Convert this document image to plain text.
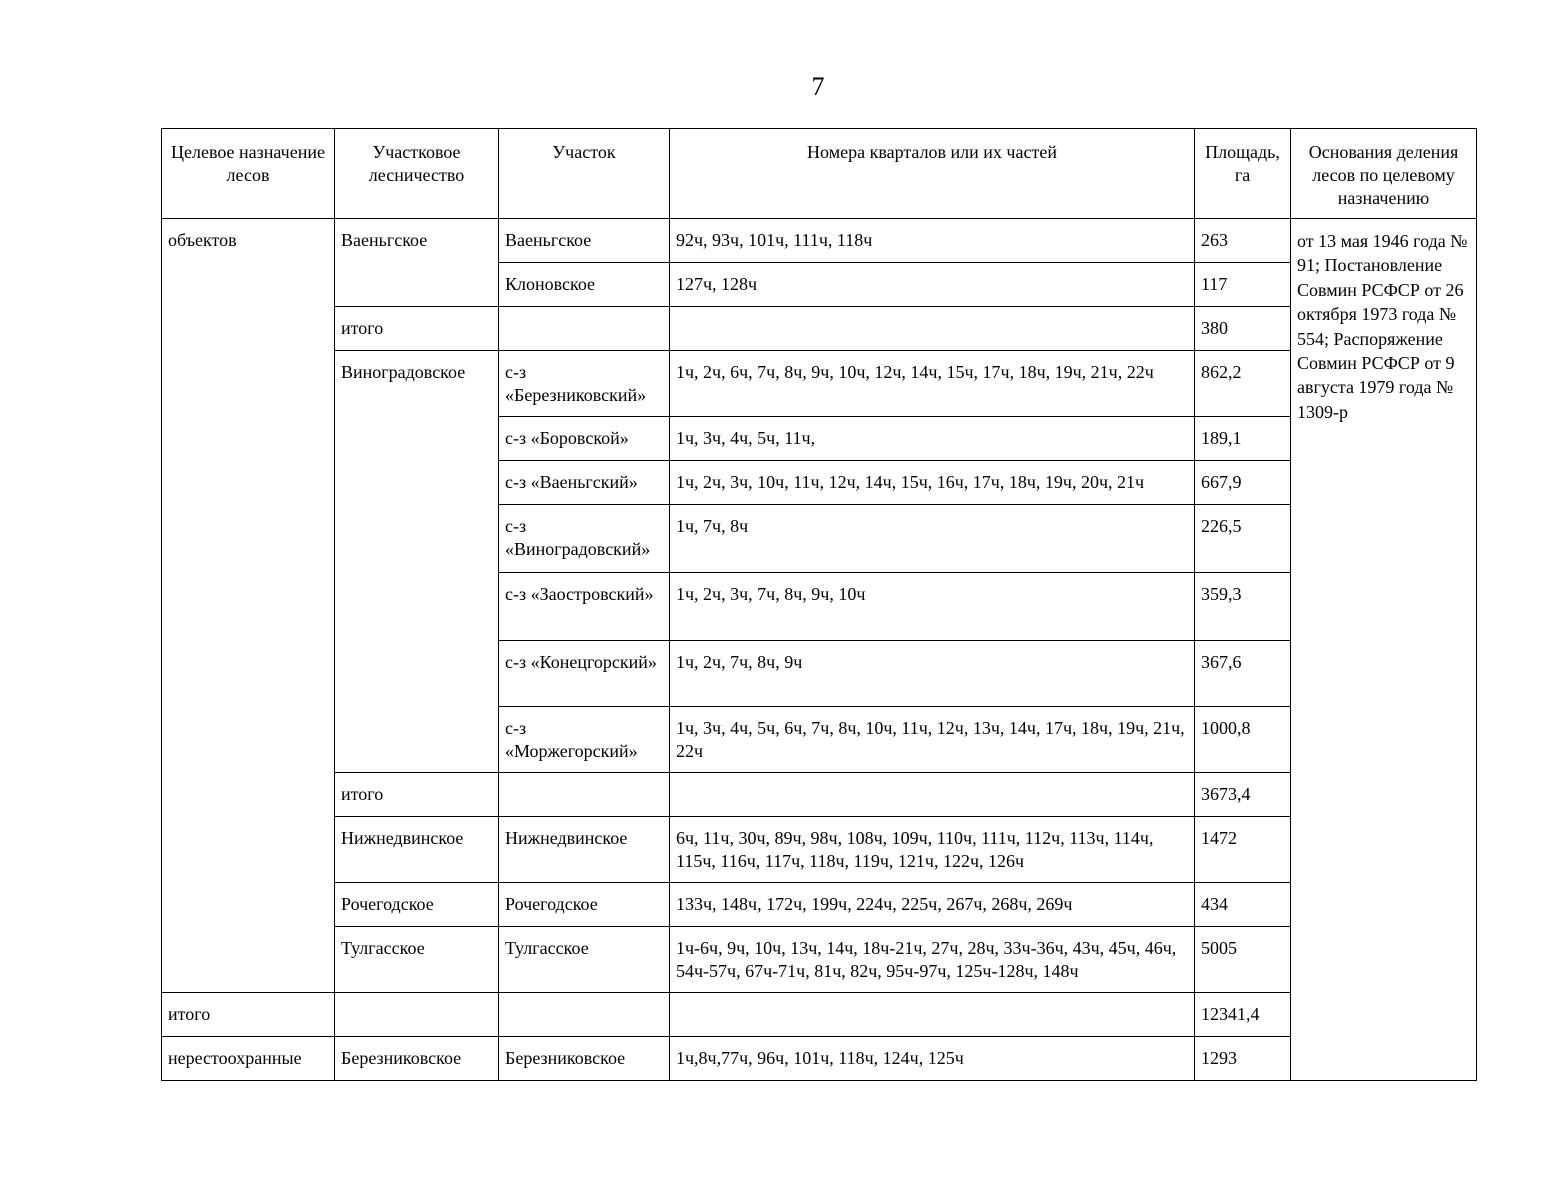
7
Целевое назначение лесов	Участковое лесничество	Участок	Номера кварталов или их частей	Площадь, га	Основания деления лесов по целевому назначению
объектов	Ваеньгское	Ваеньгское	92ч, 93ч, 101ч, 111ч, 118ч	263	от 13 мая 1946 года № 91; Постановление Совмин РСФСР от 26 октября 1973 года № 554; Распоряжение Совмин РСФСР от 9 августа 1979 года № 1309-р
		Клоновское	127ч, 128ч	117	
	итого			380	
	Виноградовское	с-з «Березниковский»	1ч, 2ч, 6ч, 7ч, 8ч, 9ч, 10ч, 12ч, 14ч, 15ч, 17ч, 18ч, 19ч, 21ч, 22ч	862,2	
		с-з «Боровской»	1ч, 3ч, 4ч, 5ч, 11ч,	189,1	
		с-з «Ваеньгский»	1ч, 2ч, 3ч, 10ч, 11ч, 12ч, 14ч, 15ч, 16ч, 17ч, 18ч, 19ч, 20ч, 21ч	667,9	
		с-з «Виноградовский»	1ч, 7ч, 8ч	226,5	
		с-з «Заостровский»	1ч, 2ч, 3ч, 7ч, 8ч, 9ч, 10ч	359,3	
		с-з «Конецгорский»	1ч, 2ч, 7ч, 8ч, 9ч	367,6	
		с-з «Моржегорский»	1ч, 3ч, 4ч, 5ч, 6ч, 7ч, 8ч, 10ч, 11ч, 12ч, 13ч, 14ч, 17ч, 18ч, 19ч, 21ч, 22ч	1000,8	
	итого			3673,4	
	Нижнедвинское	Нижнедвинское	6ч, 11ч, 30ч, 89ч, 98ч, 108ч, 109ч, 110ч, 111ч, 112ч, 113ч, 114ч, 115ч, 116ч, 117ч, 118ч, 119ч, 121ч, 122ч, 126ч	1472	
	Рочегодское	Рочегодское	133ч, 148ч, 172ч, 199ч, 224ч, 225ч, 267ч, 268ч, 269ч	434	
	Тулгасское	Тулгасское	1ч-6ч, 9ч, 10ч, 13ч, 14ч, 18ч-21ч, 27ч, 28ч, 33ч-36ч, 43ч, 45ч, 46ч, 54ч-57ч, 67ч-71ч, 81ч, 82ч, 95ч-97ч, 125ч-128ч, 148ч	5005	
итого				12341,4	
нерестоохранные	Березниковское	Березниковское	1ч,8ч,77ч, 96ч, 101ч, 118ч, 124ч, 125ч	1293	
